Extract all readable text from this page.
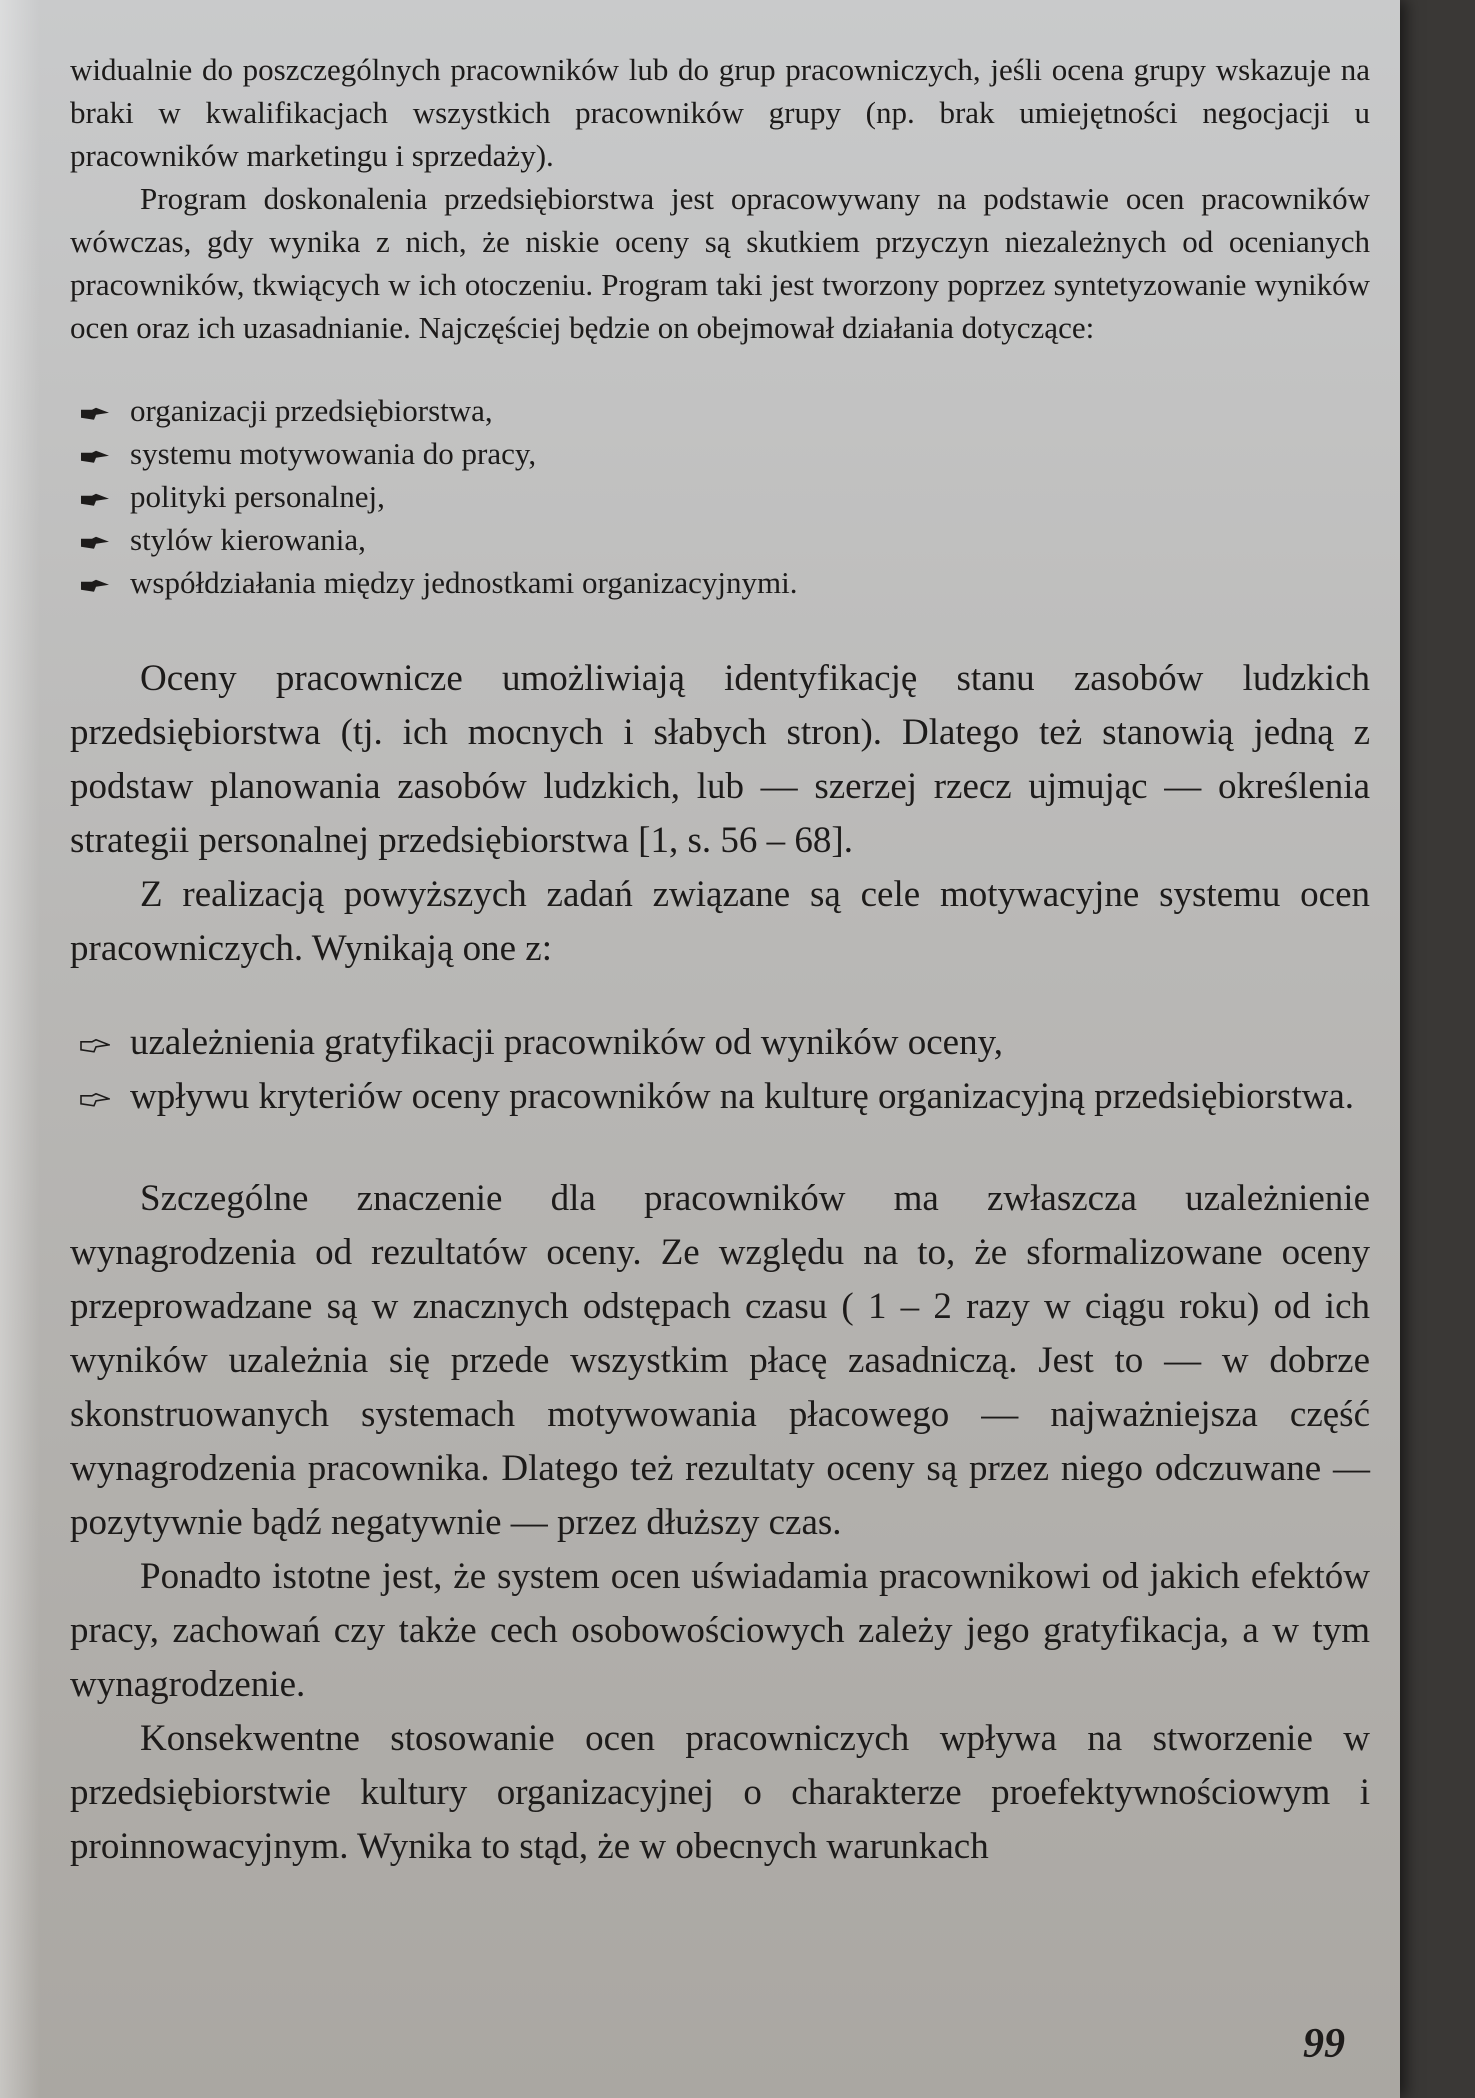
widualnie do poszczególnych pracowników lub do grup pracowniczych, jeśli ocena grupy wskazuje na braki w kwalifikacjach wszystkich pracowników grupy (np. brak umiejętności negocjacji u pracowników marketingu i sprzedaży).

Program doskonalenia przedsiębiorstwa jest opracowywany na podstawie ocen pracowników wówczas, gdy wynika z nich, że niskie oceny są skutkiem przyczyn niezależnych od ocenianych pracowników, tkwiących w ich otoczeniu. Program taki jest tworzony poprzez syntetyzowanie wyników ocen oraz ich uzasadnianie. Najczęściej będzie on obejmował działania dotyczące:

organizacji przedsiębiorstwa,
systemu motywowania do pracy,
polityki personalnej,
stylów kierowania,
współdziałania między jednostkami organizacyjnymi.

Oceny pracownicze umożliwiają identyfikację stanu zasobów ludzkich przedsiębiorstwa (tj. ich mocnych i słabych stron). Dlatego też stanowią jedną z podstaw planowania zasobów ludzkich, lub — szerzej rzecz ujmując — określenia strategii personalnej przedsiębiorstwa [1, s. 56 – 68].

Z realizacją powyższych zadań związane są cele motywacyjne systemu ocen pracowniczych. Wynikają one z:

uzależnienia gratyfikacji pracowników od wyników oceny,
wpływu kryteriów oceny pracowników na kulturę organizacyjną przedsiębiorstwa.

Szczególne znaczenie dla pracowników ma zwłaszcza uzależnienie wynagrodzenia od rezultatów oceny. Ze względu na to, że sformalizowane oceny przeprowadzane są w znacznych odstępach czasu ( 1 – 2 razy w ciągu roku) od ich wyników uzależnia się przede wszystkim płacę zasadniczą. Jest to — w dobrze skonstruowanych systemach motywowania płacowego — najważniejsza część wynagrodzenia pracownika. Dlatego też rezultaty oceny są przez niego odczuwane — pozytywnie bądź negatywnie — przez dłuższy czas.

Ponadto istotne jest, że system ocen uświadamia pracownikowi od jakich efektów pracy, zachowań czy także cech osobowościowych zależy jego gratyfikacja, a w tym wynagrodzenie.

Konsekwentne stosowanie ocen pracowniczych wpływa na stworzenie w przedsiębiorstwie kultury organizacyjnej o charakterze proefektywnościowym i proinnowacyjnym. Wynika to stąd, że w obecnych warunkach

99
